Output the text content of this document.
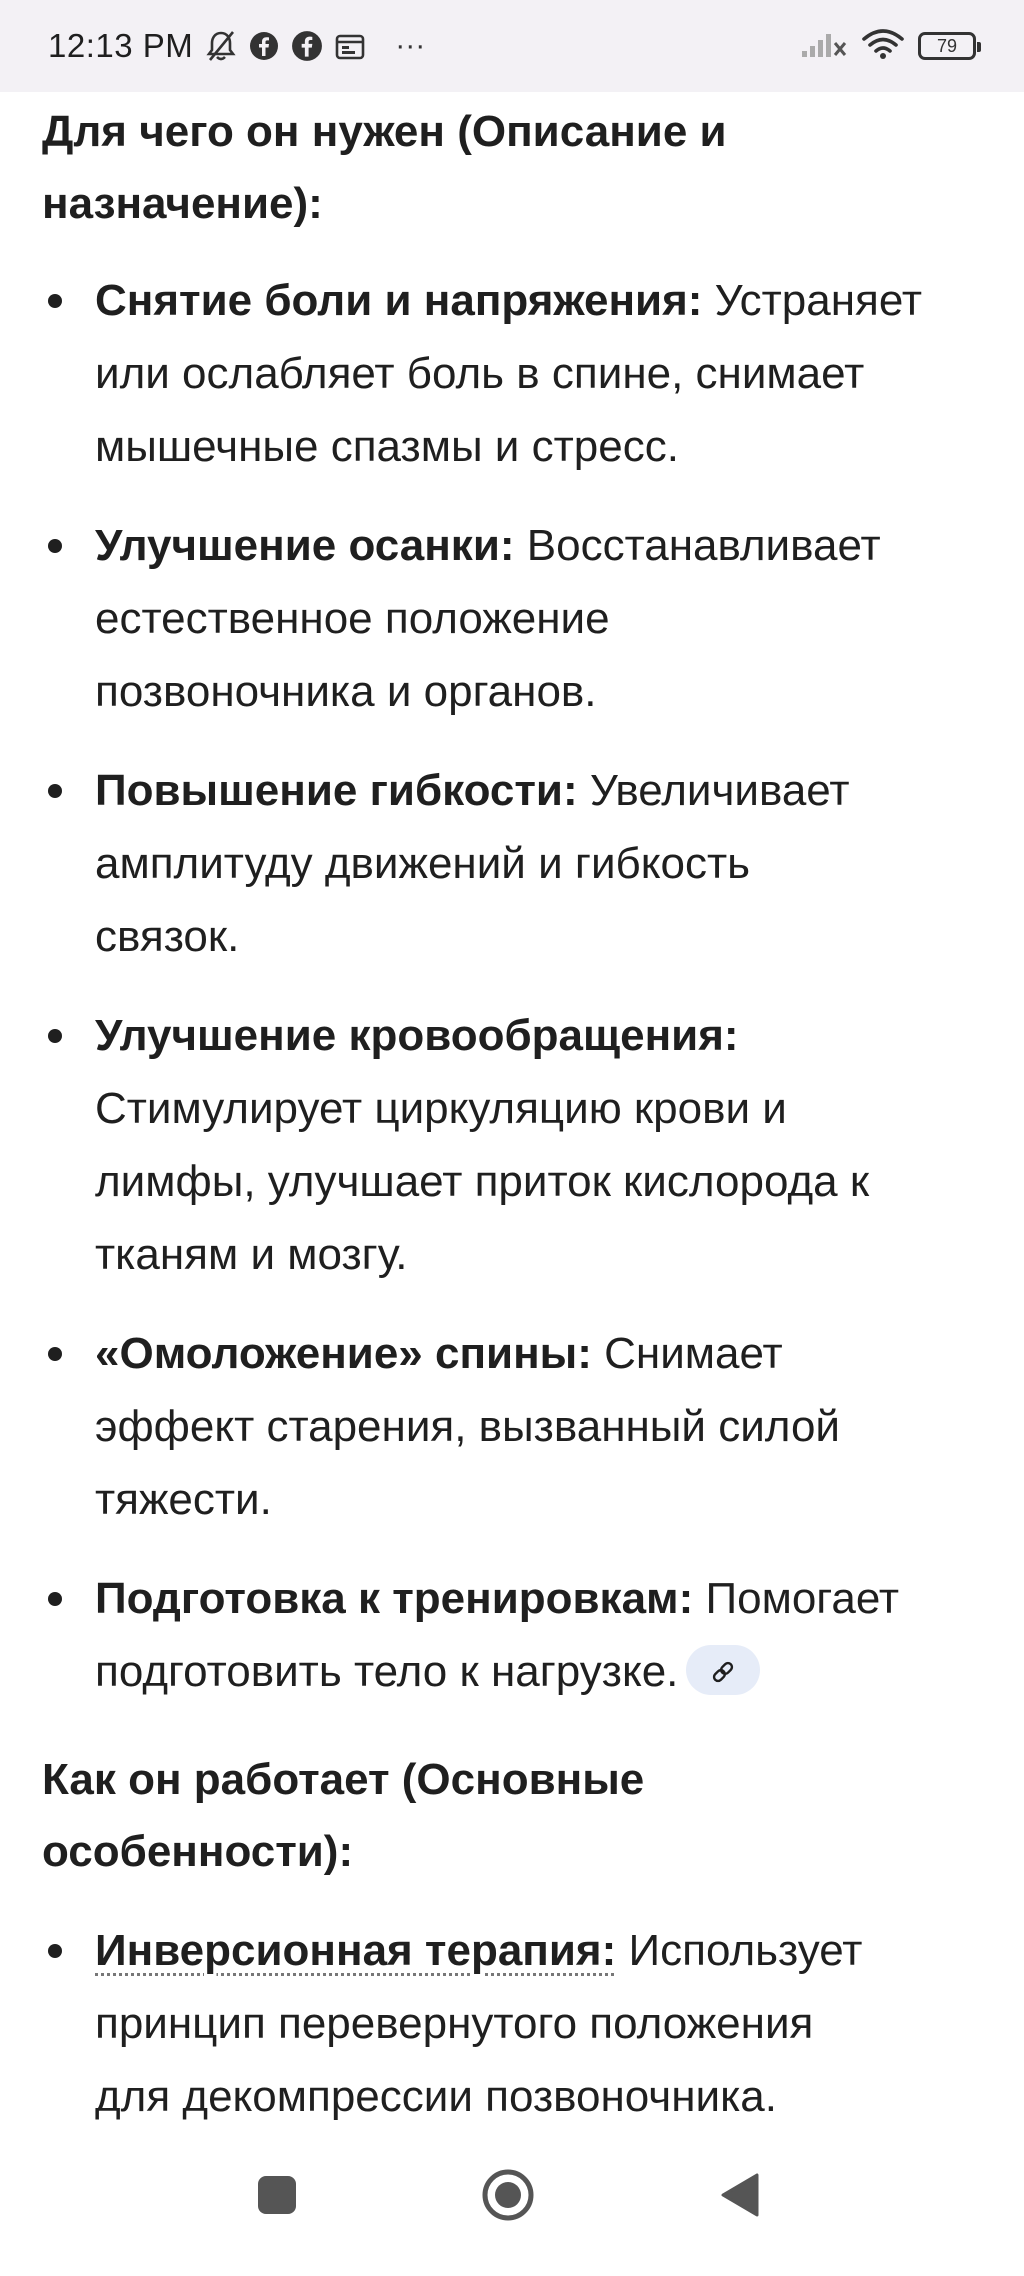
12:13 PM	···	79

Для чего он нужен (Описание и
назначение):

Снятие боли и напряжения: Устраняет
или ослабляет боль в спине, снимает
мышечные спазмы и стресс.
Улучшение осанки: Восстанавливает
естественное положение
позвоночника и органов.
Повышение гибкости: Увеличивает
амплитуду движений и гибкость
связок.
Улучшение кровообращения:
Стимулирует циркуляцию крови и
лимфы, улучшает приток кислорода к
тканям и мозгу.
«Омоложение» спины: Снимает
эффект старения, вызванный силой
тяжести.
Подготовка к тренировкам: Помогает
подготовить тело к нагрузке.

Как он работает (Основные
особенности):

Инверсионная терапия: Использует
принцип перевернутого положения
для декомпрессии позвоночника.
